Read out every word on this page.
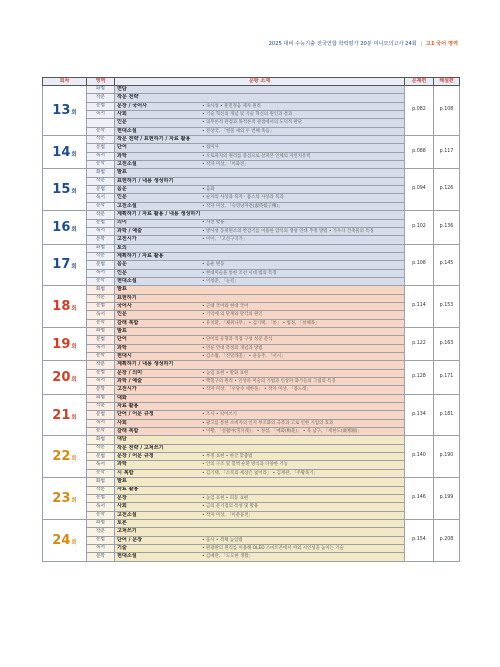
2025 대비 수능기출 전국연합 학력평가 20분 미니모의고사 24회 | 고1 국어 영역
회차	영역	문항 소재	문제편	해설편
13회	화법	면담	p.082	p.108
	작문	작문 전략		
	문법	문장 / 국어사 • 속사성 • 훈민정음 제자 원리		
	독서	사회 • 기술 혁신의 개념 및 기술 혁신의 원인과 결과		
		인문 • 의무론적 관점과 목적론적 관점에서의 도덕적 판단		
	문학	현대소설 • 전상국, 「썰물 새의 두 번째 죽음」		
14회	작문	작문 전략 / 표현하기 / 자료 활용	p.088	p.117
	문법	단어 • 접미사		
	독서	과학 • 오토파지의 원리를 중심으로 살펴본 인체의 자연치유력		
	문학	고전소설 • 작자 미상, 「이화전」		
15회	화법	발표	p.094	p.126
	작문	표현하기 / 내용 생성하기		
	문법	음운 • 음화		
	독서	인문 • 순자의 사상과 묵자 · 홉스의 사상과 묵과		
	문학	고전소설 • 작자 미상, 「숙영낭자전(淑英娘子傳)」		
16회	작문	계획하기 / 자료 활용 / 내용 생성하기	p.102	p.136
	문법	의미 • 사전 활용		
	독서	과학 / 예술 • 방사성 동위원소의 반감기를 이용한 암석의 생성 연대 추정 방법 • 가우디 건축물의 특징		
	문학	고전시가 • 이이, 「고산구곡가」		
17회	화법	토의	p.108	p.145
	작문	계획하기 / 자료 활용		
	문법	음운 • 음운 변동		
	독서	인문 • 현대미술을 통한 조선 시대 법의 특징		
	문학	현대소설 • 이청준, 「눈길」		
18회	화법	발표	p.114	p.153
	작문	표현하기		
	문법	국어사 • 근대 국어와 현대 국어		
	독서	인문 • 기억에 의 단계와 망각의 원인		
	문학	갈래 복합 • 유치환, 「채취나무」 • 김기택, 「통」 • 법정, 「설해목」		
19회	화법	발표	p.122	p.163
	문법	단어 • 단어의 유형과 직접 구성 성분 분석		
	독서	과학 • 연륜 연대 측정의 개념과 방법		
	문학	현대시 • 김소월, 「진달래꽃」 • 윤동주, 「서시」		
20회	작문	계획하기 / 내용 생성하기	p.128	p.171
	문법	문장 / 의미 • 높임 표현 • 발화 표현		
	독서	과학 / 예술 • 백혈구의 원리 • 인상파 미술의 기법과 인상파 화가들의 그림의 특징		
	문학	고전시가 • 작자 미상, 「우당수 세한돌」 • 작자 미상, 「몽노래」		
21회	화법	대화	p.134	p.181
	작문	자료 활용		
	문법	단어 / 어문 규정 • 조사 • 띄어쓰기		
	독서	사회 • 광고를 통한 소비자의 인지 부조화의 극복과 고로 인한 기업의 효과		
	문학	갈래 복합 • 이황, 「설월야(雪月夜)」 • 정섭, 「매화(梅花)」 • 욱 남구, 「세한도(歲寒圖)」		
22회	화법	대담	p.140	p.190
	작문	작문 전략 / 고쳐쓰기		
	문법	문장 / 어문 규정 • 부정 표현 • 한글 맞춤법		
	독서	과학 • 안의 구조 및 혈액 순환 방식과 다양한 기능		
	문학	시 복합 • 김기택, 「소록의 세상은 넓어라」 • 김재관, 「주황목기」		
23회	화법	발표	p.146	p.199
	작문	자료 활용		
	문법	문장 • 높임 표현 • 피동 표현		
	독서	사회 • 금의 분기점의 특성 및 활용		
	문학	고전소설 • 작자 미상, 「이춘풍전」		
24회	화법	토론	p.154	p.208
	작문	고쳐쓰기		
	문법	단어 / 문장 • 품사 • 객체 높임법		
	독서	기술 • 편광판의 원리를 이용해 OLED 스마트폰에서 야외 시인성을 높이는 기술		
	문학	현대소설 • 김애란, 「도도한 생활」		
